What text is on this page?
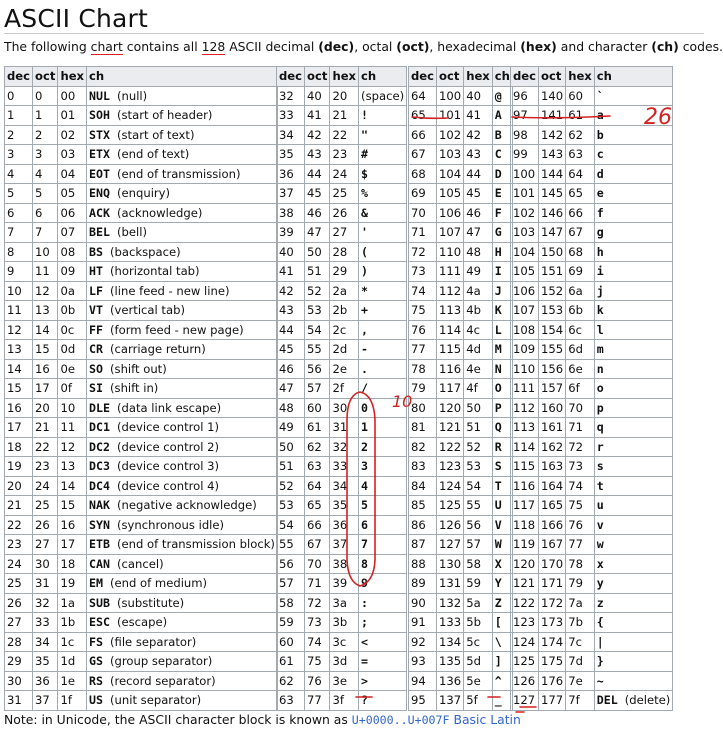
ASCII Chart
The following chart contains all 128 ASCII decimal (dec), octal (oct), hexadecimal (hex) and character (ch) codes.
dec	oct	hex	ch
0	0	00	NUL (null)
1	1	01	SOH (start of header)
2	2	02	STX (start of text)
3	3	03	ETX (end of text)
4	4	04	EOT (end of transmission)
5	5	05	ENQ (enquiry)
6	6	06	ACK (acknowledge)
7	7	07	BEL (bell)
8	10	08	BS (backspace)
9	11	09	HT (horizontal tab)
10	12	0a	LF (line feed - new line)
11	13	0b	VT (vertical tab)
12	14	0c	FF (form feed - new page)
13	15	0d	CR (carriage return)
14	16	0e	SO (shift out)
15	17	0f	SI (shift in)
16	20	10	DLE (data link escape)
17	21	11	DC1 (device control 1)
18	22	12	DC2 (device control 2)
19	23	13	DC3 (device control 3)
20	24	14	DC4 (device control 4)
21	25	15	NAK (negative acknowledge)
22	26	16	SYN (synchronous idle)
23	27	17	ETB (end of transmission block)
24	30	18	CAN (cancel)
25	31	19	EM (end of medium)
26	32	1a	SUB (substitute)
27	33	1b	ESC (escape)
28	34	1c	FS (file separator)
29	35	1d	GS (group separator)
30	36	1e	RS (record separator)
31	37	1f	US (unit separator)
dec	oct	hex	ch
32	40	20	(space)
33	41	21	!
34	42	22	"
35	43	23	#
36	44	24	$
37	45	25	%
38	46	26	&
39	47	27	'
40	50	28	(
41	51	29	)
42	52	2a	*
43	53	2b	+
44	54	2c	,
45	55	2d	-
46	56	2e	.
47	57	2f	/
48	60	30	0
49	61	31	1
50	62	32	2
51	63	33	3
52	64	34	4
53	65	35	5
54	66	36	6
55	67	37	7
56	70	38	8
57	71	39	9
58	72	3a	:
59	73	3b	;
60	74	3c	<
61	75	3d	=
62	76	3e	>
63	77	3f	?
dec	oct	hex	ch
64	100	40	@
65	101	41	A
66	102	42	B
67	103	43	C
68	104	44	D
69	105	45	E
70	106	46	F
71	107	47	G
72	110	48	H
73	111	49	I
74	112	4a	J
75	113	4b	K
76	114	4c	L
77	115	4d	M
78	116	4e	N
79	117	4f	O
80	120	50	P
81	121	51	Q
82	122	52	R
83	123	53	S
84	124	54	T
85	125	55	U
86	126	56	V
87	127	57	W
88	130	58	X
89	131	59	Y
90	132	5a	Z
91	133	5b	[
92	134	5c	\
93	135	5d	]
94	136	5e	^
95	137	5f	_
dec	oct	hex	ch
96	140	60	`
97	141	61	a
98	142	62	b
99	143	63	c
100	144	64	d
101	145	65	e
102	146	66	f
103	147	67	g
104	150	68	h
105	151	69	i
106	152	6a	j
107	153	6b	k
108	154	6c	l
109	155	6d	m
110	156	6e	n
111	157	6f	o
112	160	70	p
113	161	71	q
114	162	72	r
115	163	73	s
116	164	74	t
117	165	75	u
118	166	76	v
119	167	77	w
120	170	78	x
121	171	79	y
122	172	7a	z
123	173	7b	{
124	174	7c	|
125	175	7d	}
126	176	7e	~
127	177	7f	DEL (delete)
Note: in Unicode, the ASCII character block is known as U+0000..U+007F Basic Latin
26
10
